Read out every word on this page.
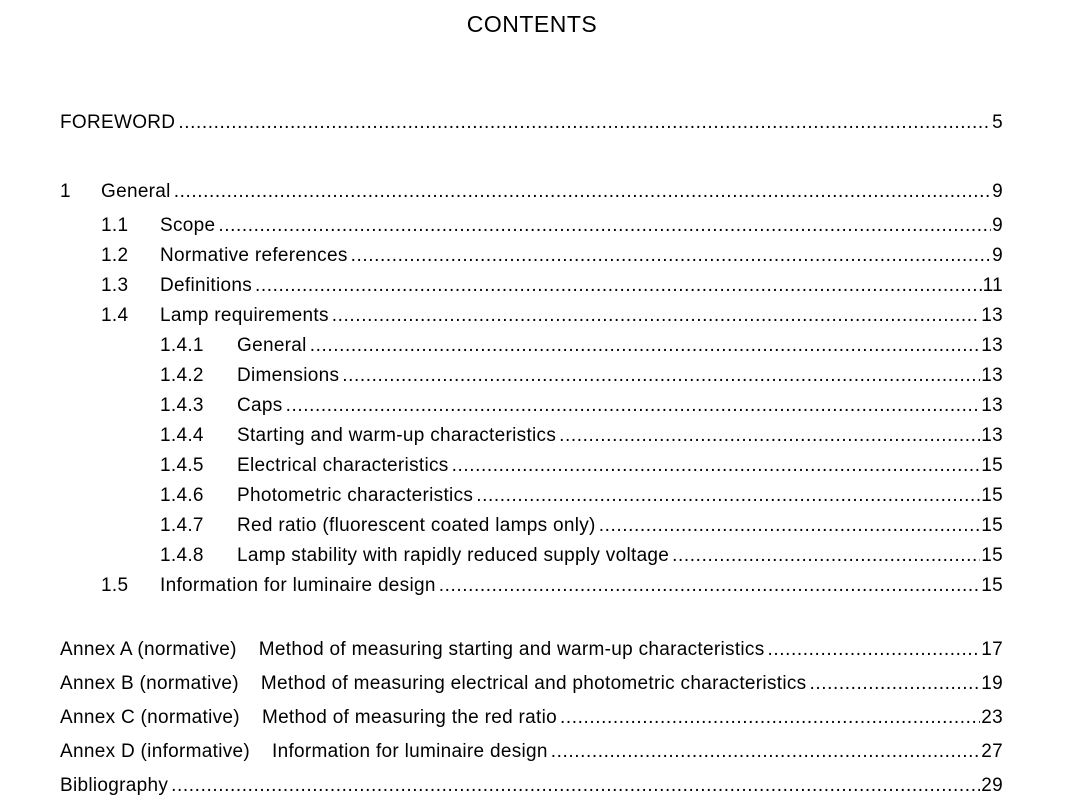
CONTENTS
FOREWORD .....	5
1	General .....	9
1.1	Scope .....	9
1.2	Normative references .....	9
1.3	Definitions .....	11
1.4	Lamp requirements .....	13
1.4.1	General .....	13
1.4.2	Dimensions .....	13
1.4.3	Caps .....	13
1.4.4	Starting and warm-up characteristics .....	13
1.4.5	Electrical characteristics .....	15
1.4.6	Photometric characteristics .....	15
1.4.7	Red ratio (fluorescent coated lamps only) .....	15
1.4.8	Lamp stability with rapidly reduced supply voltage .....	15
1.5	Information for luminaire design .....	15
Annex A (normative) Method of measuring starting and warm-up characteristics .....	17
Annex B (normative) Method of measuring electrical and photometric characteristics .....	19
Annex C (normative) Method of measuring the red ratio .....	23
Annex D (informative) Information for luminaire design .....	27
Bibliography .....	29
